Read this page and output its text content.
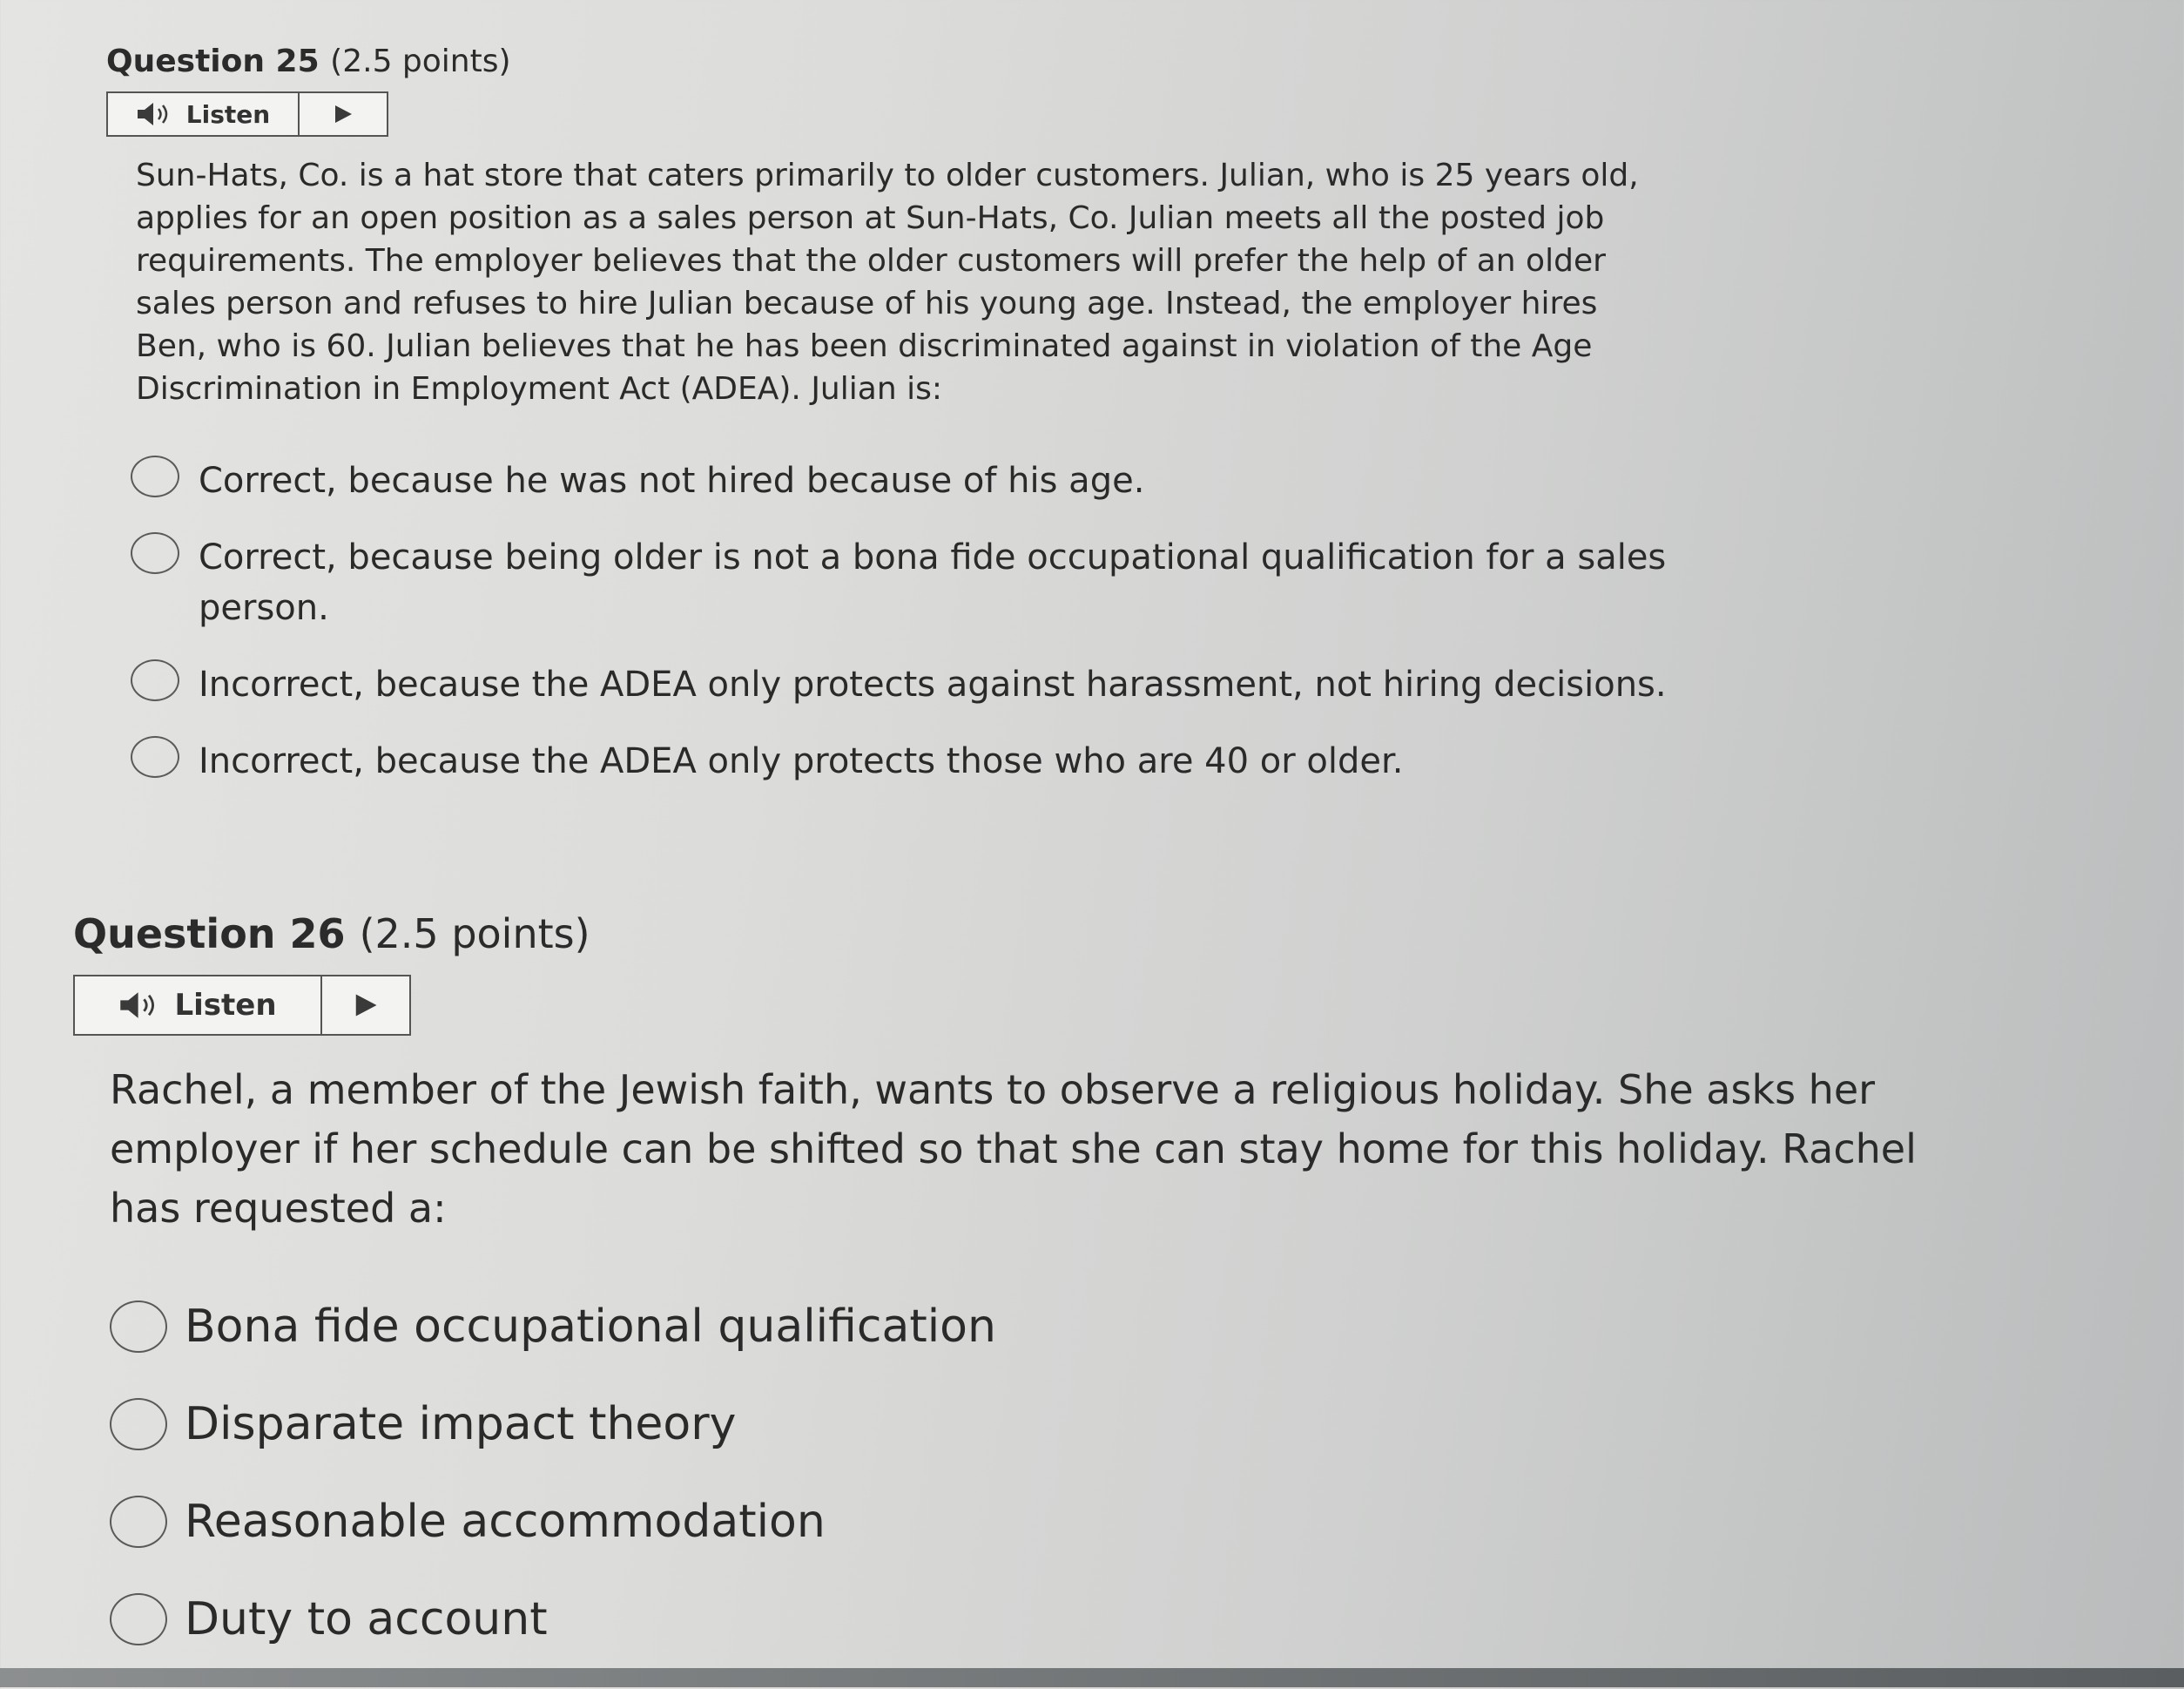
Question 25 (2.5 points)
Listen

Sun-Hats, Co. is a hat store that caters primarily to older customers. Julian, who is 25 years old, applies for an open position as a sales person at Sun-Hats, Co. Julian meets all the posted job requirements. The employer believes that the older customers will prefer the help of an older sales person and refuses to hire Julian because of his young age. Instead, the employer hires Ben, who is 60. Julian believes that he has been discriminated against in violation of the Age Discrimination in Employment Act (ADEA). Julian is:

Correct, because he was not hired because of his age.
Correct, because being older is not a bona fide occupational qualification for a sales person.
Incorrect, because the ADEA only protects against harassment, not hiring decisions.
Incorrect, because the ADEA only protects those who are 40 or older.
Question 26 (2.5 points)
Listen

Rachel, a member of the Jewish faith, wants to observe a religious holiday. She asks her employer if her schedule can be shifted so that she can stay home for this holiday. Rachel has requested a:

Bona fide occupational qualification
Disparate impact theory
Reasonable accommodation
Duty to account
